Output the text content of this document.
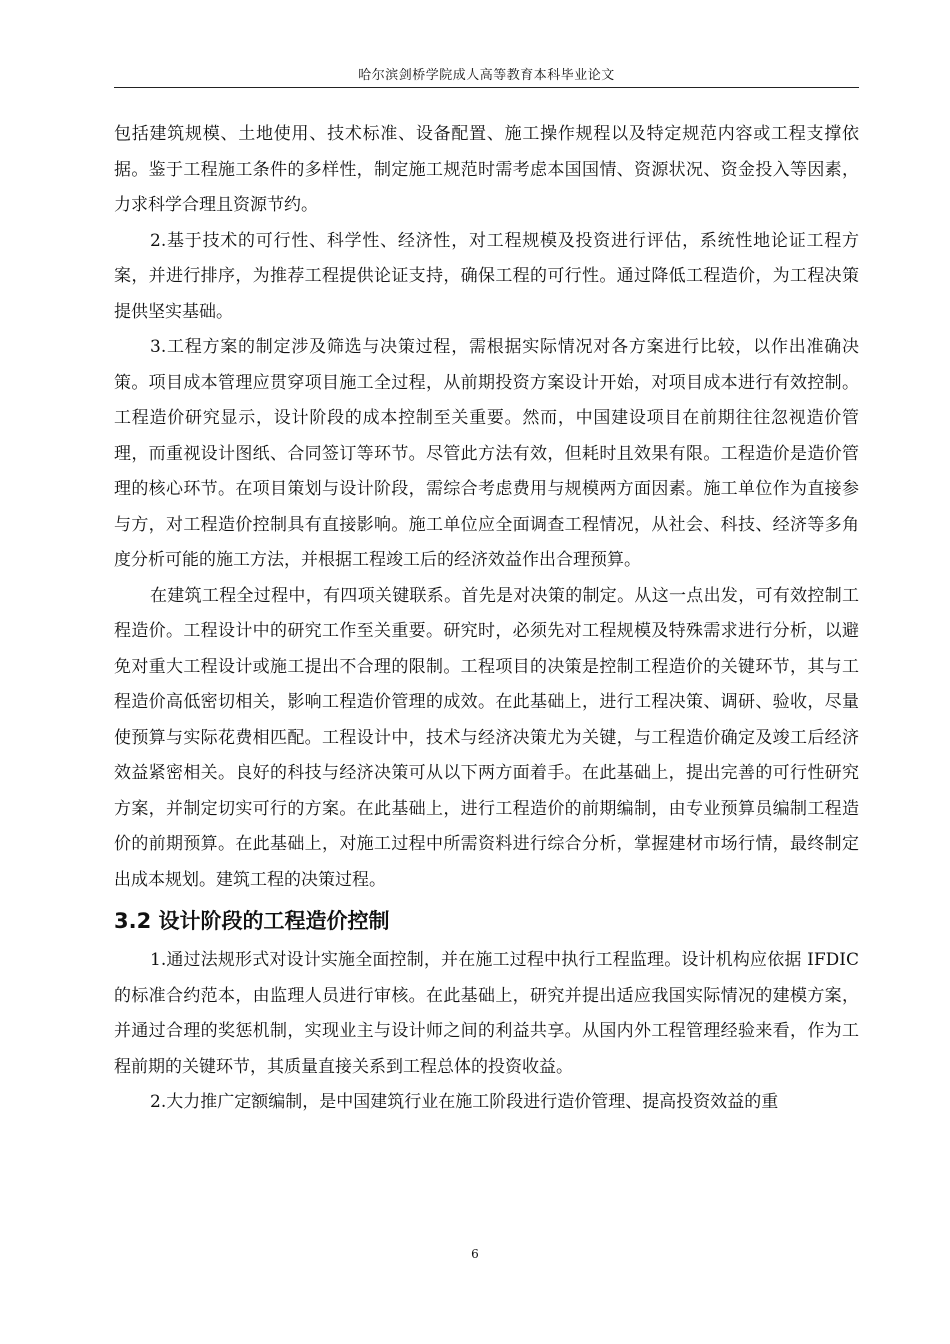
哈尔滨剑桥学院成人高等教育本科毕业论文

包括建筑规模、土地使用、技术标准、设备配置、施工操作规程以及特定规范内容或工程支撑依据。鉴于工程施工条件的多样性，制定施工规范时需考虑本国国情、资源状况、资金投入等因素，力求科学合理且资源节约。

2.基于技术的可行性、科学性、经济性，对工程规模及投资进行评估，系统性地论证工程方案，并进行排序，为推荐工程提供论证支持，确保工程的可行性。通过降低工程造价，为工程决策提供坚实基础。

3.工程方案的制定涉及筛选与决策过程，需根据实际情况对各方案进行比较，以作出准确决策。项目成本管理应贯穿项目施工全过程，从前期投资方案设计开始，对项目成本进行有效控制。工程造价研究显示，设计阶段的成本控制至关重要。然而，中国建设项目在前期往往忽视造价管理，而重视设计图纸、合同签订等环节。尽管此方法有效，但耗时且效果有限。工程造价是造价管理的核心环节。在项目策划与设计阶段，需综合考虑费用与规模两方面因素。施工单位作为直接参与方，对工程造价控制具有直接影响。施工单位应全面调查工程情况，从社会、科技、经济等多角度分析可能的施工方法，并根据工程竣工后的经济效益作出合理预算。

在建筑工程全过程中，有四项关键联系。首先是对决策的制定。从这一点出发，可有效控制工程造价。工程设计中的研究工作至关重要。研究时，必须先对工程规模及特殊需求进行分析，以避免对重大工程设计或施工提出不合理的限制。工程项目的决策是控制工程造价的关键环节，其与工程造价高低密切相关，影响工程造价管理的成效。在此基础上，进行工程决策、调研、验收，尽量使预算与实际花费相匹配。工程设计中，技术与经济决策尤为关键，与工程造价确定及竣工后经济效益紧密相关。良好的科技与经济决策可从以下两方面着手。在此基础上，提出完善的可行性研究方案，并制定切实可行的方案。在此基础上，进行工程造价的前期编制，由专业预算员编制工程造价的前期预算。在此基础上，对施工过程中所需资料进行综合分析，掌握建材市场行情，最终制定出成本规划。建筑工程的决策过程。

3.2 设计阶段的工程造价控制

1.通过法规形式对设计实施全面控制，并在施工过程中执行工程监理。设计机构应依据 IFDIC 的标准合约范本，由监理人员进行审核。在此基础上，研究并提出适应我国实际情况的建模方案，并通过合理的奖惩机制，实现业主与设计师之间的利益共享。从国内外工程管理经验来看，作为工程前期的关键环节，其质量直接关系到工程总体的投资收益。

2.大力推广定额编制，是中国建筑行业在施工阶段进行造价管理、提高投资效益的重

6
